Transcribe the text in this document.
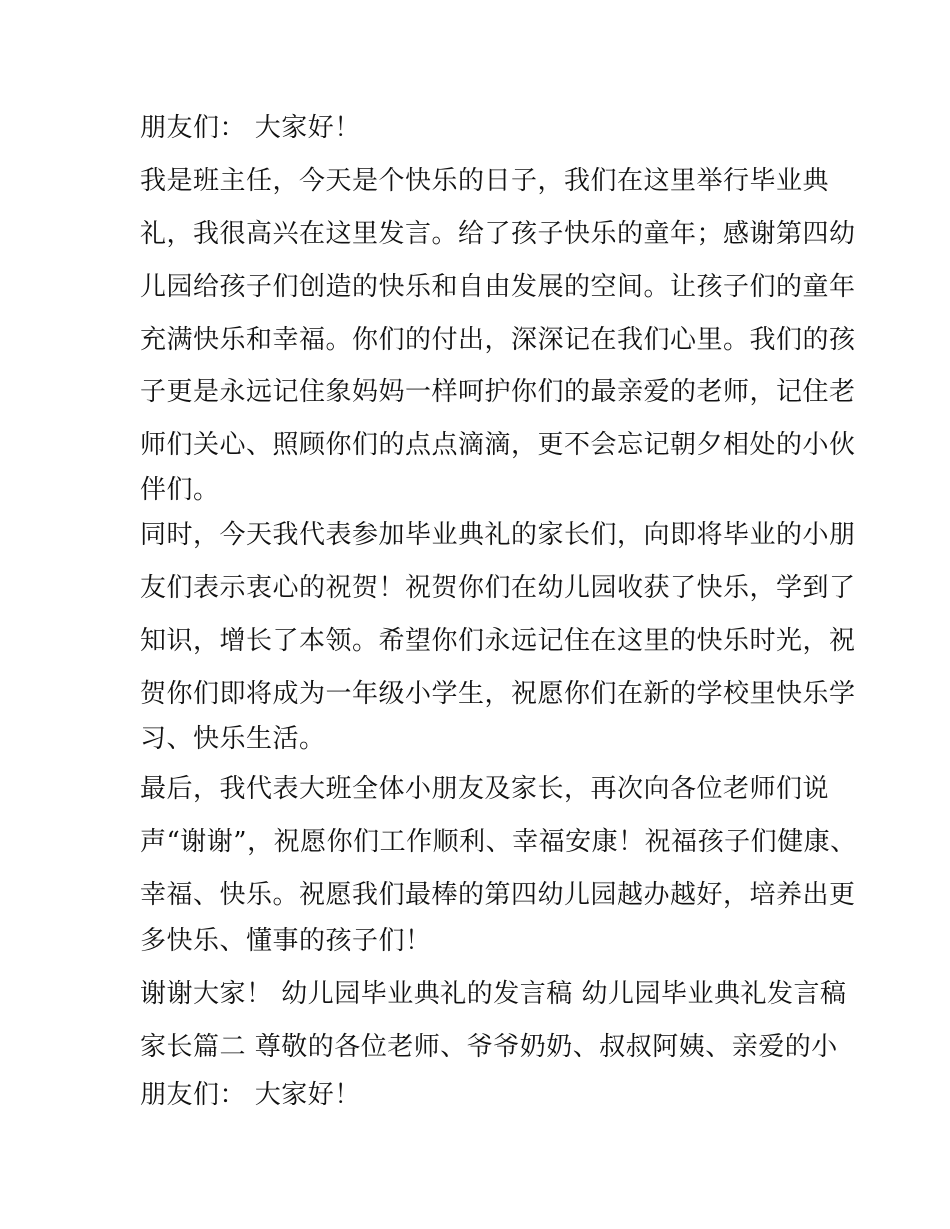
朋友们： 大家好！
我是班主任，今天是个快乐的日子，我们在这里举行毕业典
礼，我很高兴在这里发言。给了孩子快乐的童年；感谢第四幼
儿园给孩子们创造的快乐和自由发展的空间。让孩子们的童年
充满快乐和幸福。你们的付出，深深记在我们心里。我们的孩
子更是永远记住象妈妈一样呵护你们的最亲爱的老师，记住老
师们关心、照顾你们的点点滴滴，更不会忘记朝夕相处的小伙
伴们。
同时，今天我代表参加毕业典礼的家长们，向即将毕业的小朋
友们表示衷心的祝贺！祝贺你们在幼儿园收获了快乐，学到了
知识，增长了本领。希望你们永远记住在这里的快乐时光，祝
贺你们即将成为一年级小学生，祝愿你们在新的学校里快乐学
习、快乐生活。
最后，我代表大班全体小朋友及家长，再次向各位老师们说
声“谢谢”，祝愿你们工作顺利、幸福安康！祝福孩子们健康、
幸福、快乐。祝愿我们最棒的第四幼儿园越办越好，培养出更
多快乐、懂事的孩子们！
谢谢大家！ 幼儿园毕业典礼的发言稿 幼儿园毕业典礼发言稿
家长篇二 尊敬的各位老师、爷爷奶奶、叔叔阿姨、亲爱的小
朋友们： 大家好！
